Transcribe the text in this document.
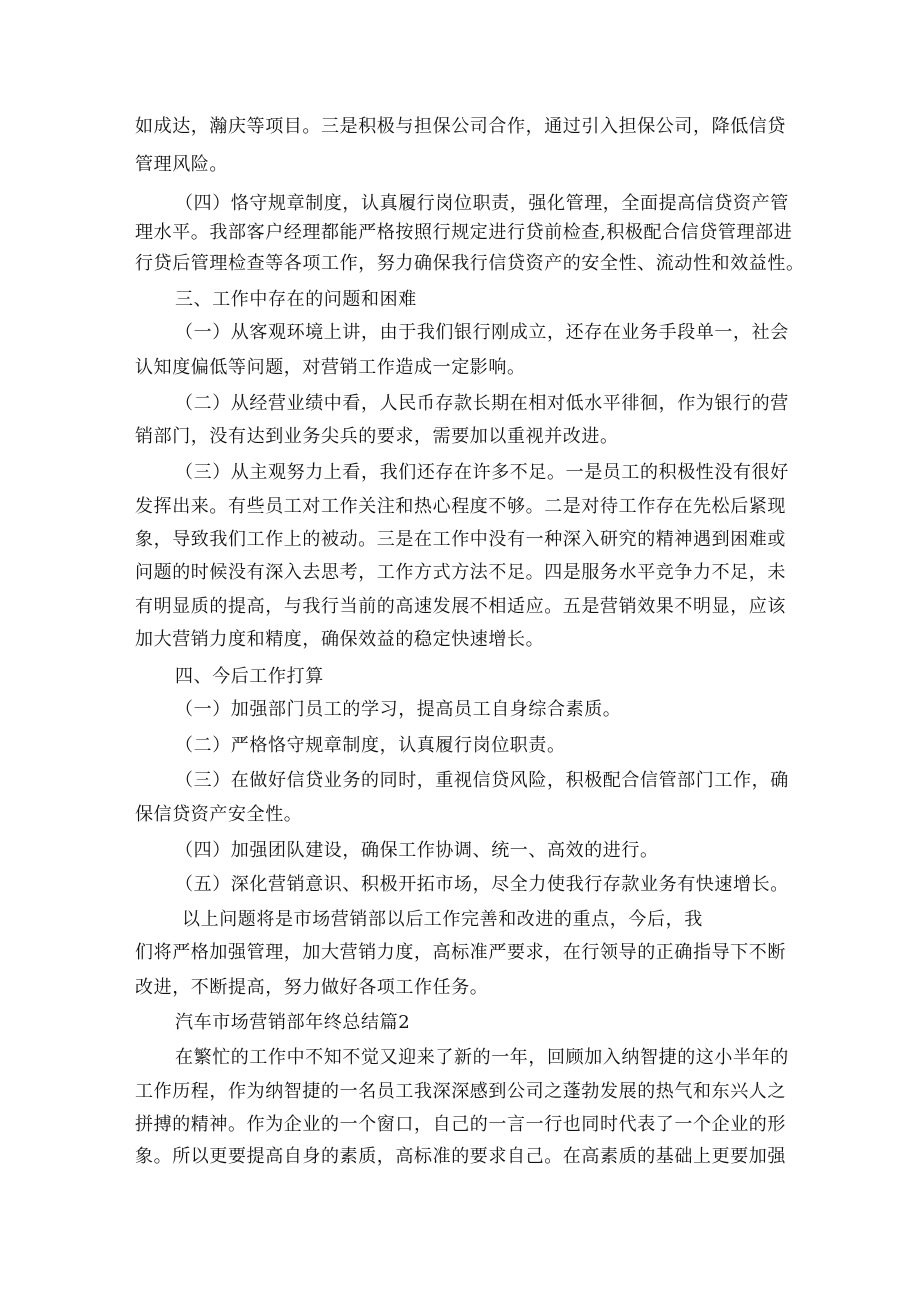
如成达，瀚庆等项目。三是积极与担保公司合作，通过引入担保公司，降低信贷

管理风险。

（四）恪守规章制度，认真履行岗位职责，强化管理，全面提高信贷资产管

理水平。我部客户经理都能严格按照行规定进行贷前检查,积极配合信贷管理部进

行贷后管理检查等各项工作，努力确保我行信贷资产的安全性、流动性和效益性。

三、工作中存在的问题和困难

（一）从客观环境上讲，由于我们银行刚成立，还存在业务手段单一，社会

认知度偏低等问题，对营销工作造成一定影响。

（二）从经营业绩中看，人民币存款长期在相对低水平徘徊，作为银行的营

销部门，没有达到业务尖兵的要求，需要加以重视并改进。

（三）从主观努力上看，我们还存在许多不足。一是员工的积极性没有很好

发挥出来。有些员工对工作关注和热心程度不够。二是对待工作存在先松后紧现

象，导致我们工作上的被动。三是在工作中没有一种深入研究的精神遇到困难或

问题的时候没有深入去思考，工作方式方法不足。四是服务水平竞争力不足，未

有明显质的提高，与我行当前的高速发展不相适应。五是营销效果不明显，应该

加大营销力度和精度，确保效益的稳定快速增长。

四、今后工作打算

（一）加强部门员工的学习，提高员工自身综合素质。

（二）严格恪守规章制度，认真履行岗位职责。

（三）在做好信贷业务的同时，重视信贷风险，积极配合信管部门工作，确

保信贷资产安全性。

（四）加强团队建设，确保工作协调、统一、高效的进行。

（五）深化营销意识、积极开拓市场，尽全力使我行存款业务有快速增长。

以上问题将是市场营销部以后工作完善和改进的重点，今后，我

们将严格加强管理，加大营销力度，高标准严要求，在行领导的正确指导下不断

改进，不断提高，努力做好各项工作任务。

汽车市场营销部年终总结篇2

在繁忙的工作中不知不觉又迎来了新的一年，回顾加入纳智捷的这小半年的

工作历程，作为纳智捷的一名员工我深深感到公司之蓬勃发展的热气和东兴人之

拼搏的精神。作为企业的一个窗口，自己的一言一行也同时代表了一个企业的形

象。所以更要提高自身的素质，高标准的要求自己。在高素质的基础上更要加强
